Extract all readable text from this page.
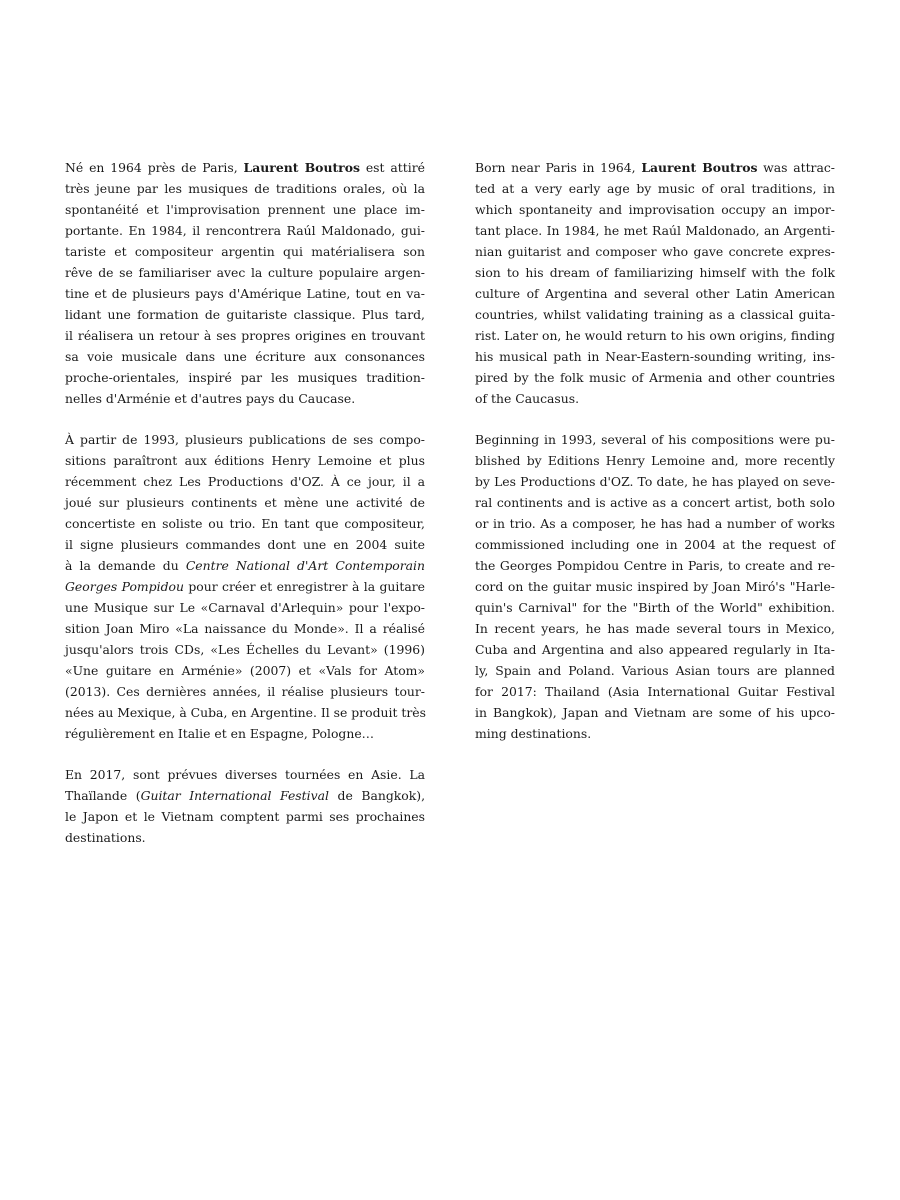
Né en 1964 près de Paris, Laurent Boutros est attiré
très jeune par les musiques de traditions orales, où la
spontanéité et l'improvisation prennent une place im-
portante. En 1984, il rencontrera Raúl Maldonado, gui-
tariste et compositeur argentin qui matérialisera son
rêve de se familiariser avec la culture populaire argen-
tine et de plusieurs pays d'Amérique Latine, tout en va-
lidant une formation de guitariste classique. Plus tard,
il réalisera un retour à ses propres origines en trouvant
sa voie musicale dans une écriture aux consonances
proche-orientales, inspiré par les musiques tradition-
nelles d'Arménie et d'autres pays du Caucase.

À partir de 1993, plusieurs publications de ses compo-
sitions paraîtront aux éditions Henry Lemoine et plus
récemment chez Les Productions d'OZ. À ce jour, il a
joué sur plusieurs continents et mène une activité de
concertiste en soliste ou trio. En tant que compositeur,
il signe plusieurs commandes dont une en 2004 suite
à la demande du Centre National d'Art Contemporain
Georges Pompidou pour créer et enregistrer à la guitare
une Musique sur Le «Carnaval d'Arlequin» pour l'expo-
sition Joan Miro «La naissance du Monde». Il a réalisé
jusqu'alors trois CDs, «Les Échelles du Levant» (1996)
«Une guitare en Arménie» (2007) et «Vals for Atom»
(2013). Ces dernières années, il réalise plusieurs tour-
nées au Mexique, à Cuba, en Argentine. Il se produit très
régulièrement en Italie et en Espagne, Pologne…

En 2017, sont prévues diverses tournées en Asie. La
Thaïlande (Guitar International Festival de Bangkok),
le Japon et le Vietnam comptent parmi ses prochaines
destinations.

Born near Paris in 1964, Laurent Boutros was attrac-
ted at a very early age by music of oral traditions, in
which spontaneity and improvisation occupy an impor-
tant place. In 1984, he met Raúl Maldonado, an Argenti-
nian guitarist and composer who gave concrete expres-
sion to his dream of familiarizing himself with the folk
culture of Argentina and several other Latin American
countries, whilst validating training as a classical guita-
rist. Later on, he would return to his own origins, finding
his musical path in Near-Eastern-sounding writing, ins-
pired by the folk music of Armenia and other countries
of the Caucasus.

Beginning in 1993, several of his compositions were pu-
blished by Editions Henry Lemoine and, more recently
by Les Productions d'OZ. To date, he has played on seve-
ral continents and is active as a concert artist, both solo
or in trio. As a composer, he has had a number of works
commissioned including one in 2004 at the request of
the Georges Pompidou Centre in Paris, to create and re-
cord on the guitar music inspired by Joan Miró's "Harle-
quin's Carnival" for the "Birth of the World" exhibition.
In recent years, he has made several tours in Mexico,
Cuba and Argentina and also appeared regularly in Ita-
ly, Spain and Poland. Various Asian tours are planned
for 2017: Thailand (Asia International Guitar Festival
in Bangkok), Japan and Vietnam are some of his upco-
ming destinations.
